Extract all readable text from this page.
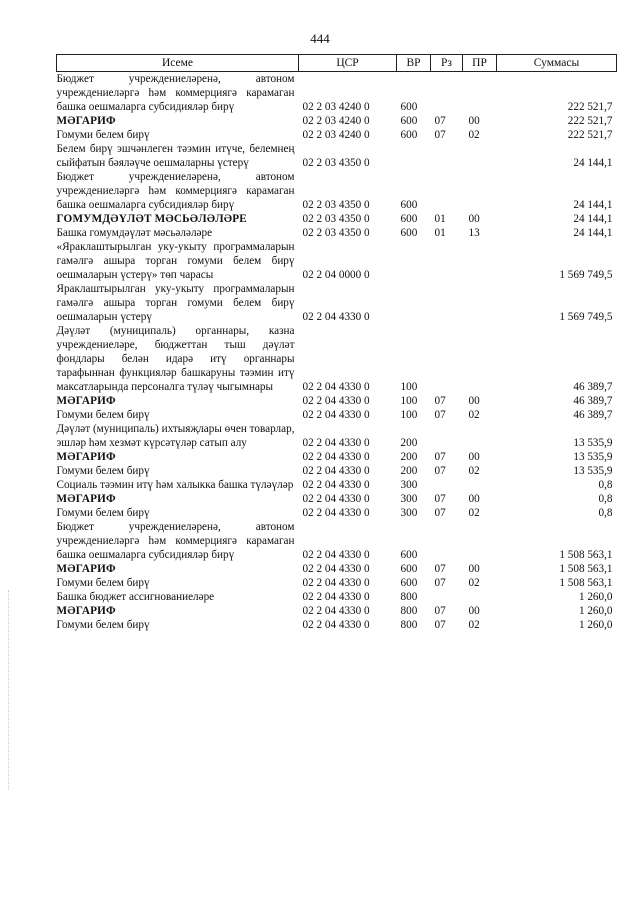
444
Исеме	ЦСР	ВР	Рз	ПР	Суммасы
Бюджет учреждениеләренә, автоном учреждениеләргә һәм коммерциягә карамаган башка оешмаларга субсидияләр бирү	02 2 03 4240 0	600			222 521,7
МӘГАРИФ	02 2 03 4240 0	600	07	00	222 521,7
Гомуми белем бирү	02 2 03 4240 0	600	07	02	222 521,7
Белем бирү эшчәнлеген тәэмин итүче, белемнең сыйфатын бәяләүче оешмаларны үстерү	02 2 03 4350 0				24 144,1
Бюджет учреждениеләренә, автоном учреждениеләргә һәм коммерциягә карамаган башка оешмаларга субсидияләр бирү	02 2 03 4350 0	600			24 144,1
ГОМУМДӘҮЛӘТ МӘСЬӘЛӘЛӘРЕ	02 2 03 4350 0	600	01	00	24 144,1
Башка гомумдәүләт мәсьәләләре	02 2 03 4350 0	600	01	13	24 144,1
«Яраклаштырылган уку-укыту программаларын гамәлгә ашыра торган гомуми белем бирү оешмаларын үстерү» төп чарасы	02 2 04 0000 0				1 569 749,5
Яраклаштырылган уку-укыту программаларын гамәлгә ашыра торган гомуми белем бирү оешмаларын үстерү	02 2 04 4330 0				1 569 749,5
Дәүләт (муниципаль) органнары, казна учреждениеләре, бюджеттан тыш дәүләт фондлары белән идарә итү органнары тарафыннан функцияләр башкаруны тәэмин итү максатларында персоналга түләү чыгымнары	02 2 04 4330 0	100			46 389,7
МӘГАРИФ	02 2 04 4330 0	100	07	00	46 389,7
Гомуми белем бирү	02 2 04 4330 0	100	07	02	46 389,7
Дәүләт (муниципаль) ихтыяҗлары өчен товарлар, эшләр һәм хезмәт күрсәтүләр сатып алу	02 2 04 4330 0	200			13 535,9
МӘГАРИФ	02 2 04 4330 0	200	07	00	13 535,9
Гомуми белем бирү	02 2 04 4330 0	200	07	02	13 535,9
Социаль тәэмин итү һәм халыкка башка түләүләр	02 2 04 4330 0	300			0,8
МӘГАРИФ	02 2 04 4330 0	300	07	00	0,8
Гомуми белем бирү	02 2 04 4330 0	300	07	02	0,8
Бюджет учреждениеләренә, автоном учреждениеләргә һәм коммерциягә карамаган башка оешмаларга субсидияләр бирү	02 2 04 4330 0	600			1 508 563,1
МӘГАРИФ	02 2 04 4330 0	600	07	00	1 508 563,1
Гомуми белем бирү	02 2 04 4330 0	600	07	02	1 508 563,1
Башка бюджет ассигнованиеләре	02 2 04 4330 0	800			1 260,0
МӘГАРИФ	02 2 04 4330 0	800	07	00	1 260,0
Гомуми белем бирү	02 2 04 4330 0	800	07	02	1 260,0
